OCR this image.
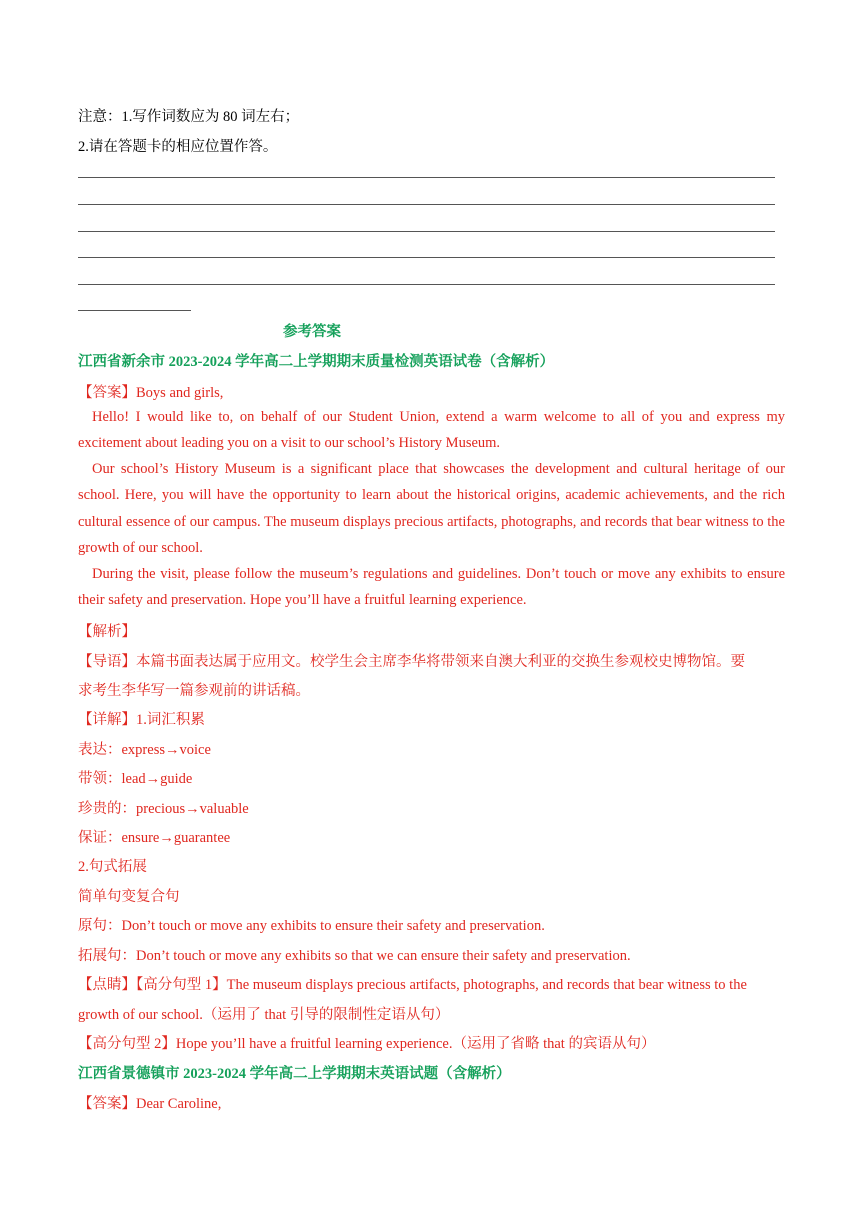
注意：1.写作词数应为 80 词左右；
2.请在答题卡的相应位置作答。
参考答案
江西省新余市 2023-2024 学年高二上学期期末质量检测英语试卷（含解析）
【答案】Boys and girls,
Hello! I would like to, on behalf of our Student Union, extend a warm welcome to all of you and express my excitement about leading you on a visit to our school’s History Museum.
Our school’s History Museum is a significant place that showcases the development and cultural heritage of our school. Here, you will have the opportunity to learn about the historical origins, academic achievements, and the rich cultural essence of our campus. The museum displays precious artifacts, photographs, and records that bear witness to the growth of our school.
During the visit, please follow the museum’s regulations and guidelines. Don’t touch or move any exhibits to ensure their safety and preservation. Hope you’ll have a fruitful learning experience.
【解析】
【导语】本篇书面表达属于应用文。校学生会主席李华将带领来自澳大利亚的交换生参观校史博物馆。要
求考生李华写一篇参观前的讲话稿。
【详解】1.词汇积累
表达：express→voice
带领：lead→guide
珍贵的：precious→valuable
保证：ensure→guarantee
2.句式拓展
简单句变复合句
原句：Don’t touch or move any exhibits to ensure their safety and preservation.
拓展句：Don’t touch or move any exhibits so that we can ensure their safety and preservation.
【点睛】【高分句型 1】The museum displays precious artifacts, photographs, and records that bear witness to the
growth of our school.（运用了 that 引导的限制性定语从句）
【高分句型 2】Hope you’ll have a fruitful learning experience.（运用了省略 that 的宾语从句）
江西省景德镇市 2023-2024 学年高二上学期期末英语试题（含解析）
【答案】Dear Caroline,
